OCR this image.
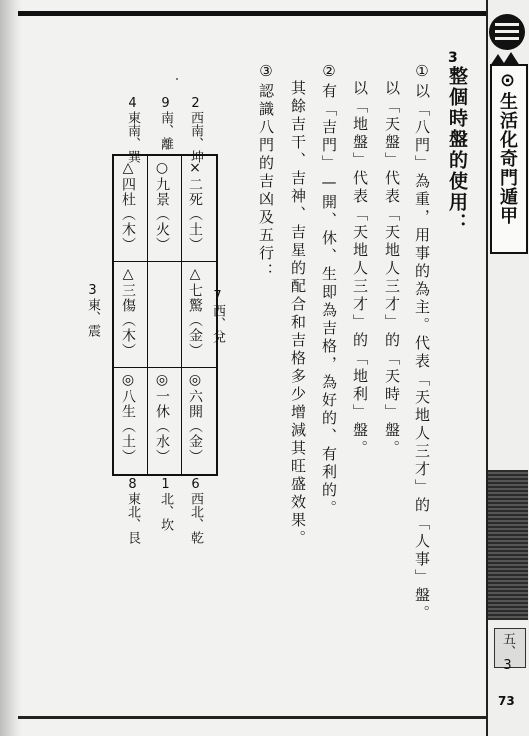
⊙生活化奇門遁甲
五、3
73
3
整個時盤的使用：
①以「八門」為重，用事的為主。代表「天地人三才」的「人事」盤。
以「天盤」代表「天地人三才」的「天時」盤。
以「地盤」代表「天地人三才」的「地利」盤。
②有「吉門」—開、休、生即為吉格，為好的、有利的。
其餘吉干、吉神、吉星的配合和吉格多少增減其旺盛效果。
③認識八門的吉凶及五行：
2西南、坤
9南、離
4東南、巽
7西、兌
3東、震
6西北、乾
1北、坎
8東北、艮
×二死（土）
○九景（火）
△四杜（木）
△七驚（金）
△三傷（木）
◎六開（金）
◎一休（水）
◎八生（土）
